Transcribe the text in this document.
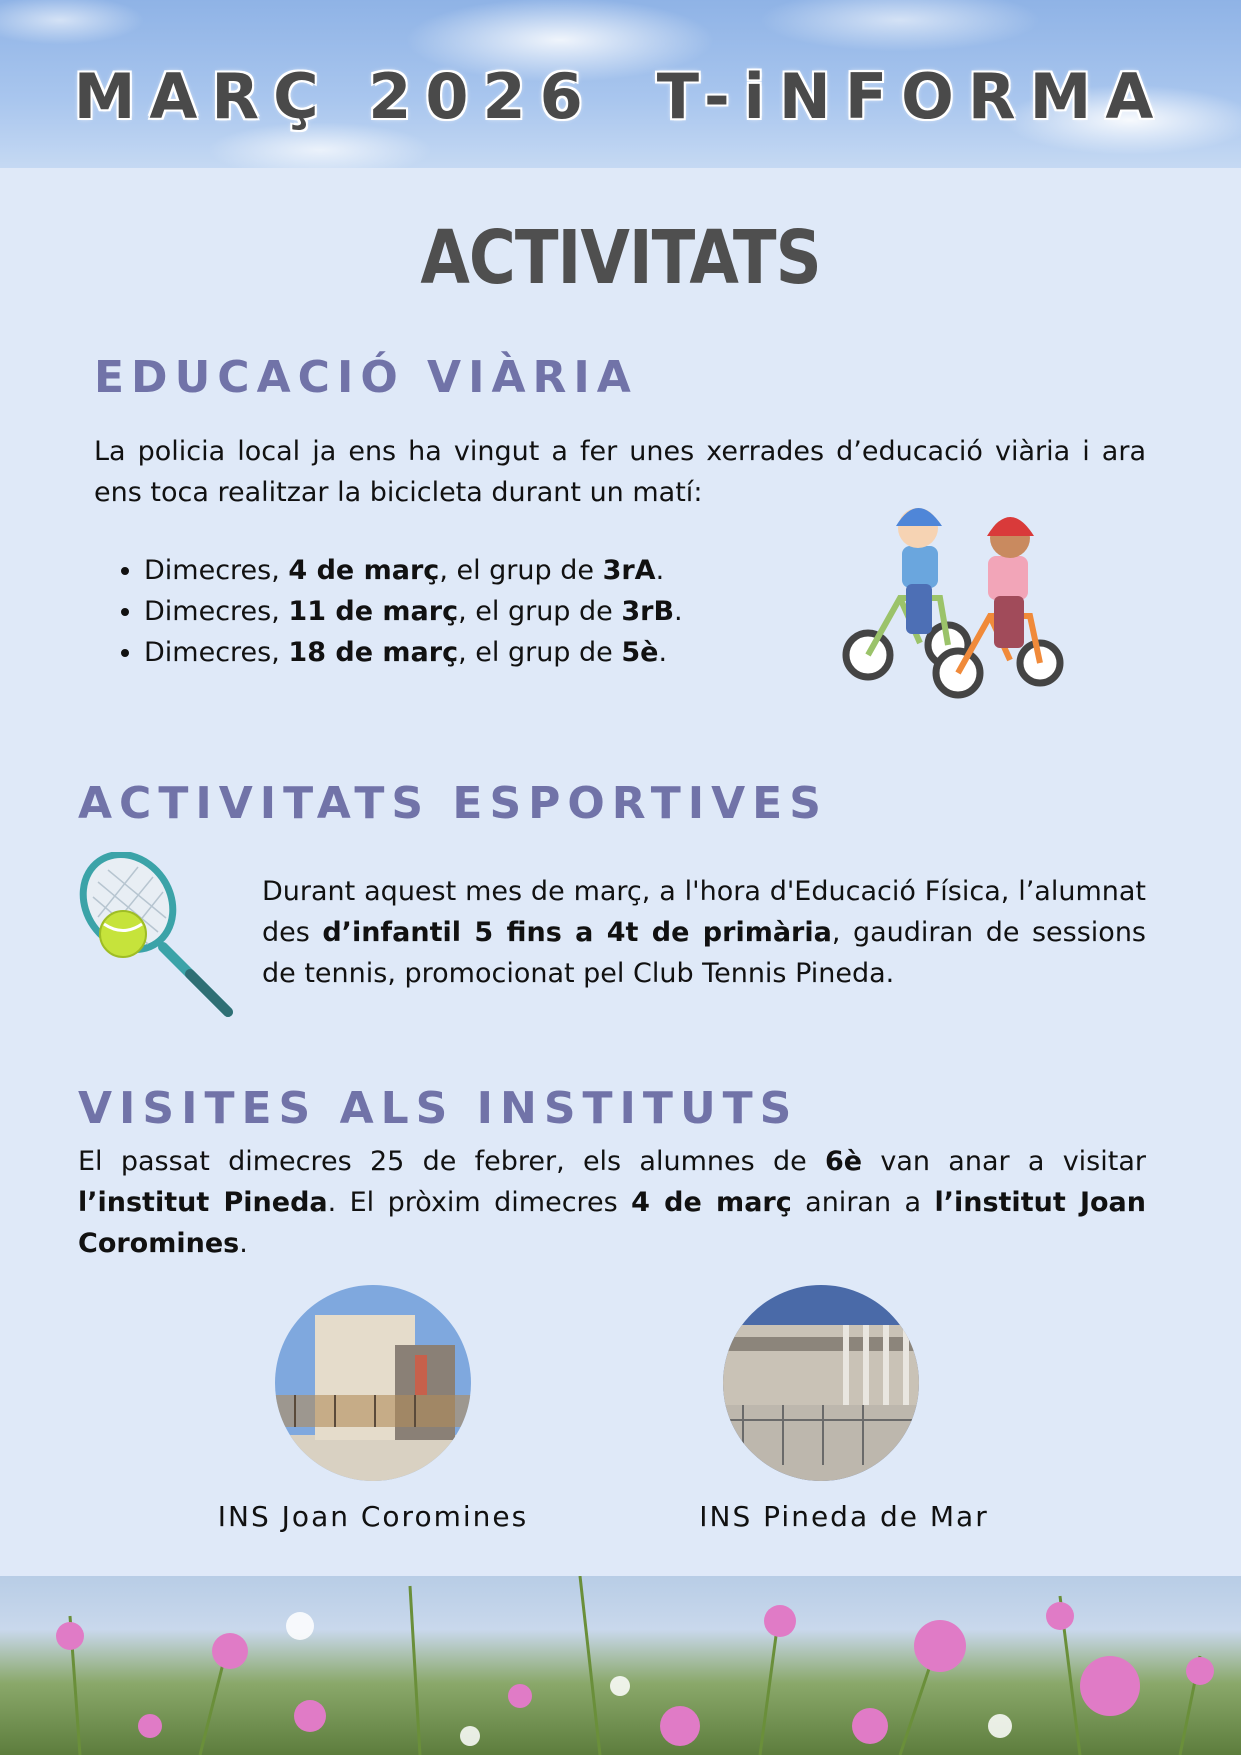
MARÇ 2026 T-iNFORMA
ACTIVITATS
EDUCACIÓ VIÀRIA
La policia local ja ens ha vingut a fer unes xerrades d’educació viària i ara ens toca realitzar la bicicleta durant un matí:
• Dimecres, 4 de març, el grup de 3rA.
• Dimecres, 11 de març, el grup de 3rB.
• Dimecres, 18 de març, el grup de 5è.
ACTIVITATS ESPORTIVES
Durant aquest mes de març, a l'hora d'Educació Física, l’alumnat des d’infantil 5 fins a 4t de primària, gaudiran de sessions de tennis, promocionat pel Club Tennis Pineda.
VISITES ALS INSTITUTS
El passat dimecres 25 de febrer, els alumnes de 6è van anar a visitar l’institut Pineda. El pròxim dimecres 4 de març aniran a l’institut Joan Coromines.
INS Joan Coromines	INS Pineda de Mar
